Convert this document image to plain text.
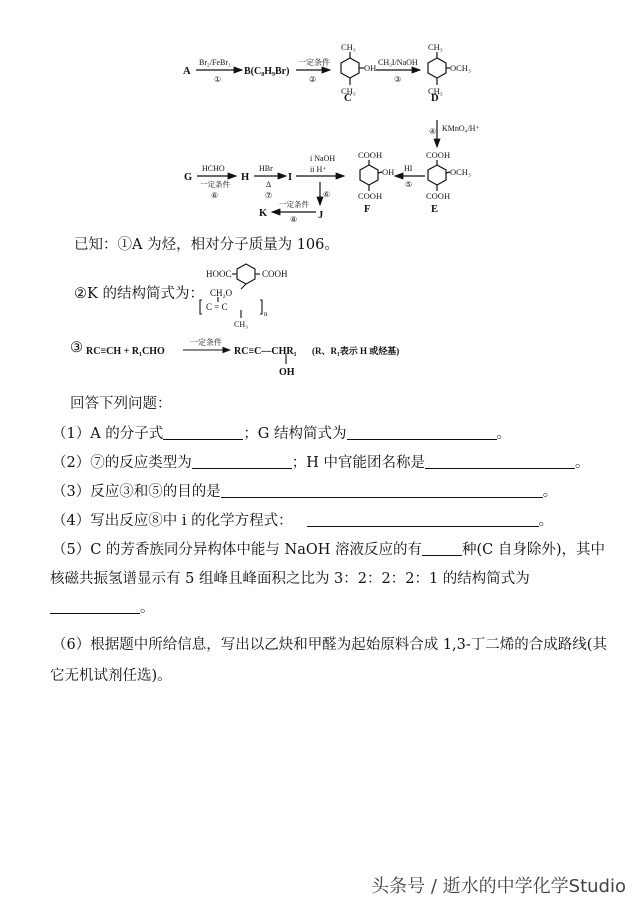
A	B(C₈H₉Br)
C	D
CH₃
CH₃
OH
CH₃
CH₃
OCH₃
Br₂/FeBr₃
①
一定条件
②
CH₃I/NaOH
③
④ KMnO₄/H⁺
COOH
COOH
OCH₃
E
COOH
COOH
OH
F
G	H	I
J
K
HCHO
一定条件
⑥
HBr
Δ
⑦
i NaOH
ii H⁺
⑥
HI
⑤
一定条件
⑧
已知：①A 为烃，相对分子质量为 106。
②K 的结构简式为：
HOOC	COOH
CH₂O
C = C
n
CH₃
③ RC≡CH + R₁CHO
一定条件
RC≡C—CHR₁ (R、R₁表示 H 或烃基)
OH
回答下列问题：
（1）A 的分子式	；G 结构简式为	。
（2）⑦的反应类型为	；H 中官能团名称是	。
（3）反应③和⑤的目的是	。
（4）写出反应⑧中 i 的化学方程式：	。
（5）C 的芳香族同分异构体中能与 NaOH 溶液反应的有	种(C 自身除外)，其中
核磁共振氢谱显示有 5 组峰且峰面积之比为 3：2：2：2：1 的结构简式为
。
（6）根据题中所给信息，写出以乙炔和甲醛为起始原料合成 1,3-丁二烯的合成路线(其
它无机试剂任选)。
头条号 / 逝水的中学化学Studio
